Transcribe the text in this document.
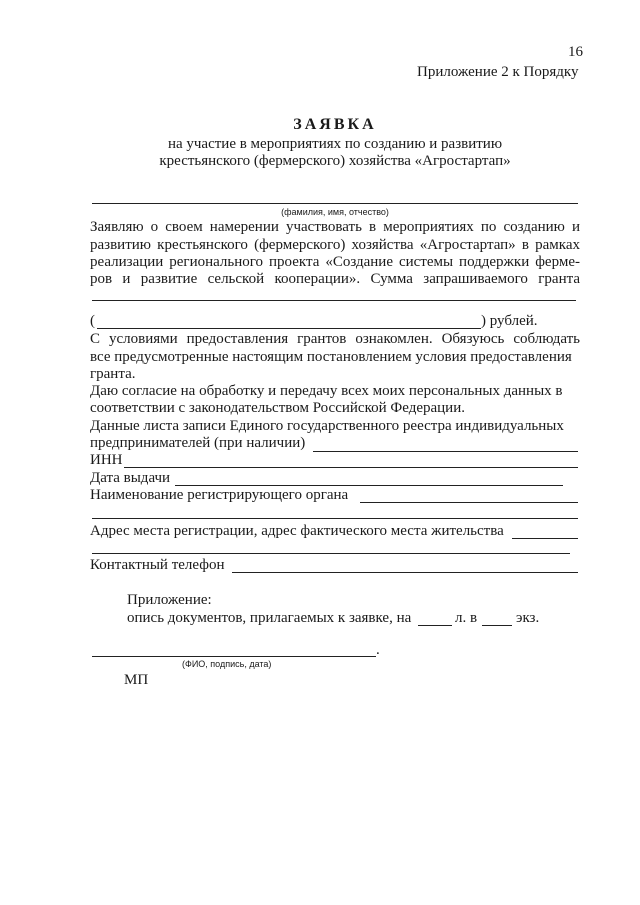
16
Приложение 2 к Порядку
ЗАЯВКА
на участие в мероприятиях по созданию и развитию
крестьянского (фермерского) хозяйства «Агростартап»
(фамилия, имя, отчество)
Заявляю о своем намерении участвовать в мероприятиях по созданию и
развитию крестьянского (фермерского) хозяйства «Агростартап» в рамках
реализации регионального проекта «Создание системы поддержки ферме-
ров и развитие сельской кооперации». Сумма запрашиваемого гранта
(	) рублей.
С условиями предоставления грантов ознакомлен. Обязуюсь соблюдать
все предусмотренные настоящим постановлением условия предоставления
гранта.
Даю согласие на обработку и передачу всех моих персональных данных в
соответствии с законодательством Российской Федерации.
Данные листа записи Единого государственного реестра индивидуальных
предпринимателей (при наличии)
ИНН
Дата выдачи
Наименование регистрирующего органа
Адрес места регистрации, адрес фактического места жительства
Контактный телефон
Приложение:
опись документов, прилагаемых к заявке, на	л. в	экз.
.
(ФИО, подпись, дата)
МП
